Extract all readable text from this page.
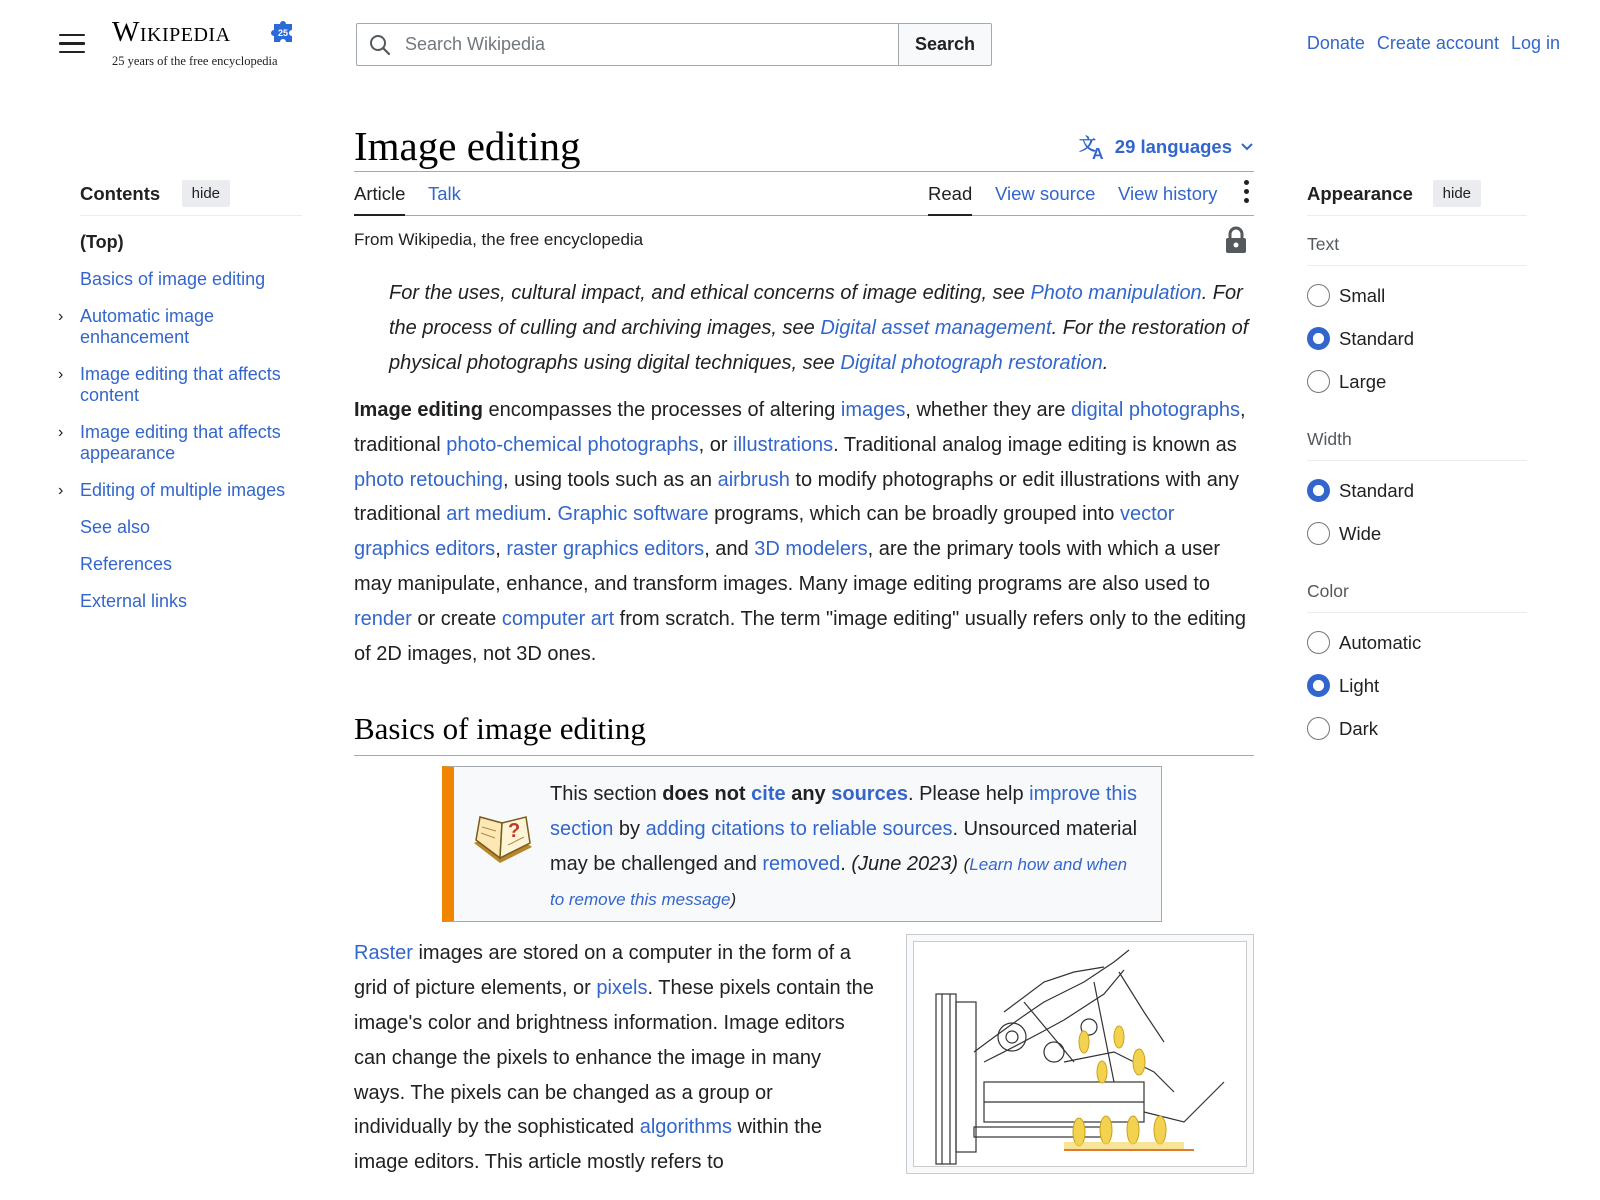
Wikipedia	25
25 years of the free encyclopedia
Search Wikipedia
Search	Donate Create account Log in
Contents	hide
(Top)
Basics of image editing
› Automatic image enhancement
› Image editing that affects content
› Image editing that affects appearance
› Editing of multiple images
See also
References
External links
Image editing	文
A 29 languages
Article Talk	Read View source View history
From Wikipedia, the free encyclopedia
For the uses, cultural impact, and ethical concerns of image editing, see Photo manipulation. For the process of culling and archiving images, see Digital asset management. For the restoration of physical photographs using digital techniques, see Digital photograph restoration.

Image editing encompasses the processes of altering images, whether they are digital photographs, traditional photo-chemical photographs, or illustrations. Traditional analog image editing is known as photo retouching, using tools such as an airbrush to modify photographs or edit illustrations with any traditional art medium. Graphic software programs, which can be broadly grouped into vector graphics editors, raster graphics editors, and 3D modelers, are the primary tools with which a user may manipulate, enhance, and transform images. Many image editing programs are also used to render or create computer art from scratch. The term "image editing" usually refers only to the editing of 2D images, not 3D ones.

Basics of image editing
?
This section does not cite any sources. Please help improve this section by adding citations to reliable sources. Unsourced material may be challenged and removed. (June 2023) (Learn how and when to remove this message)
Raster images are stored on a computer in the form of a grid of picture elements, or pixels. These pixels contain the image's color and brightness information. Image editors can change the pixels to enhance the image in many ways. The pixels can be changed as a group or individually by the sophisticated algorithms within the image editors. This article mostly refers to
Appearance	hide
Text
Small
Standard
Large
Width
Standard
Wide
Color
Automatic
Light
Dark
